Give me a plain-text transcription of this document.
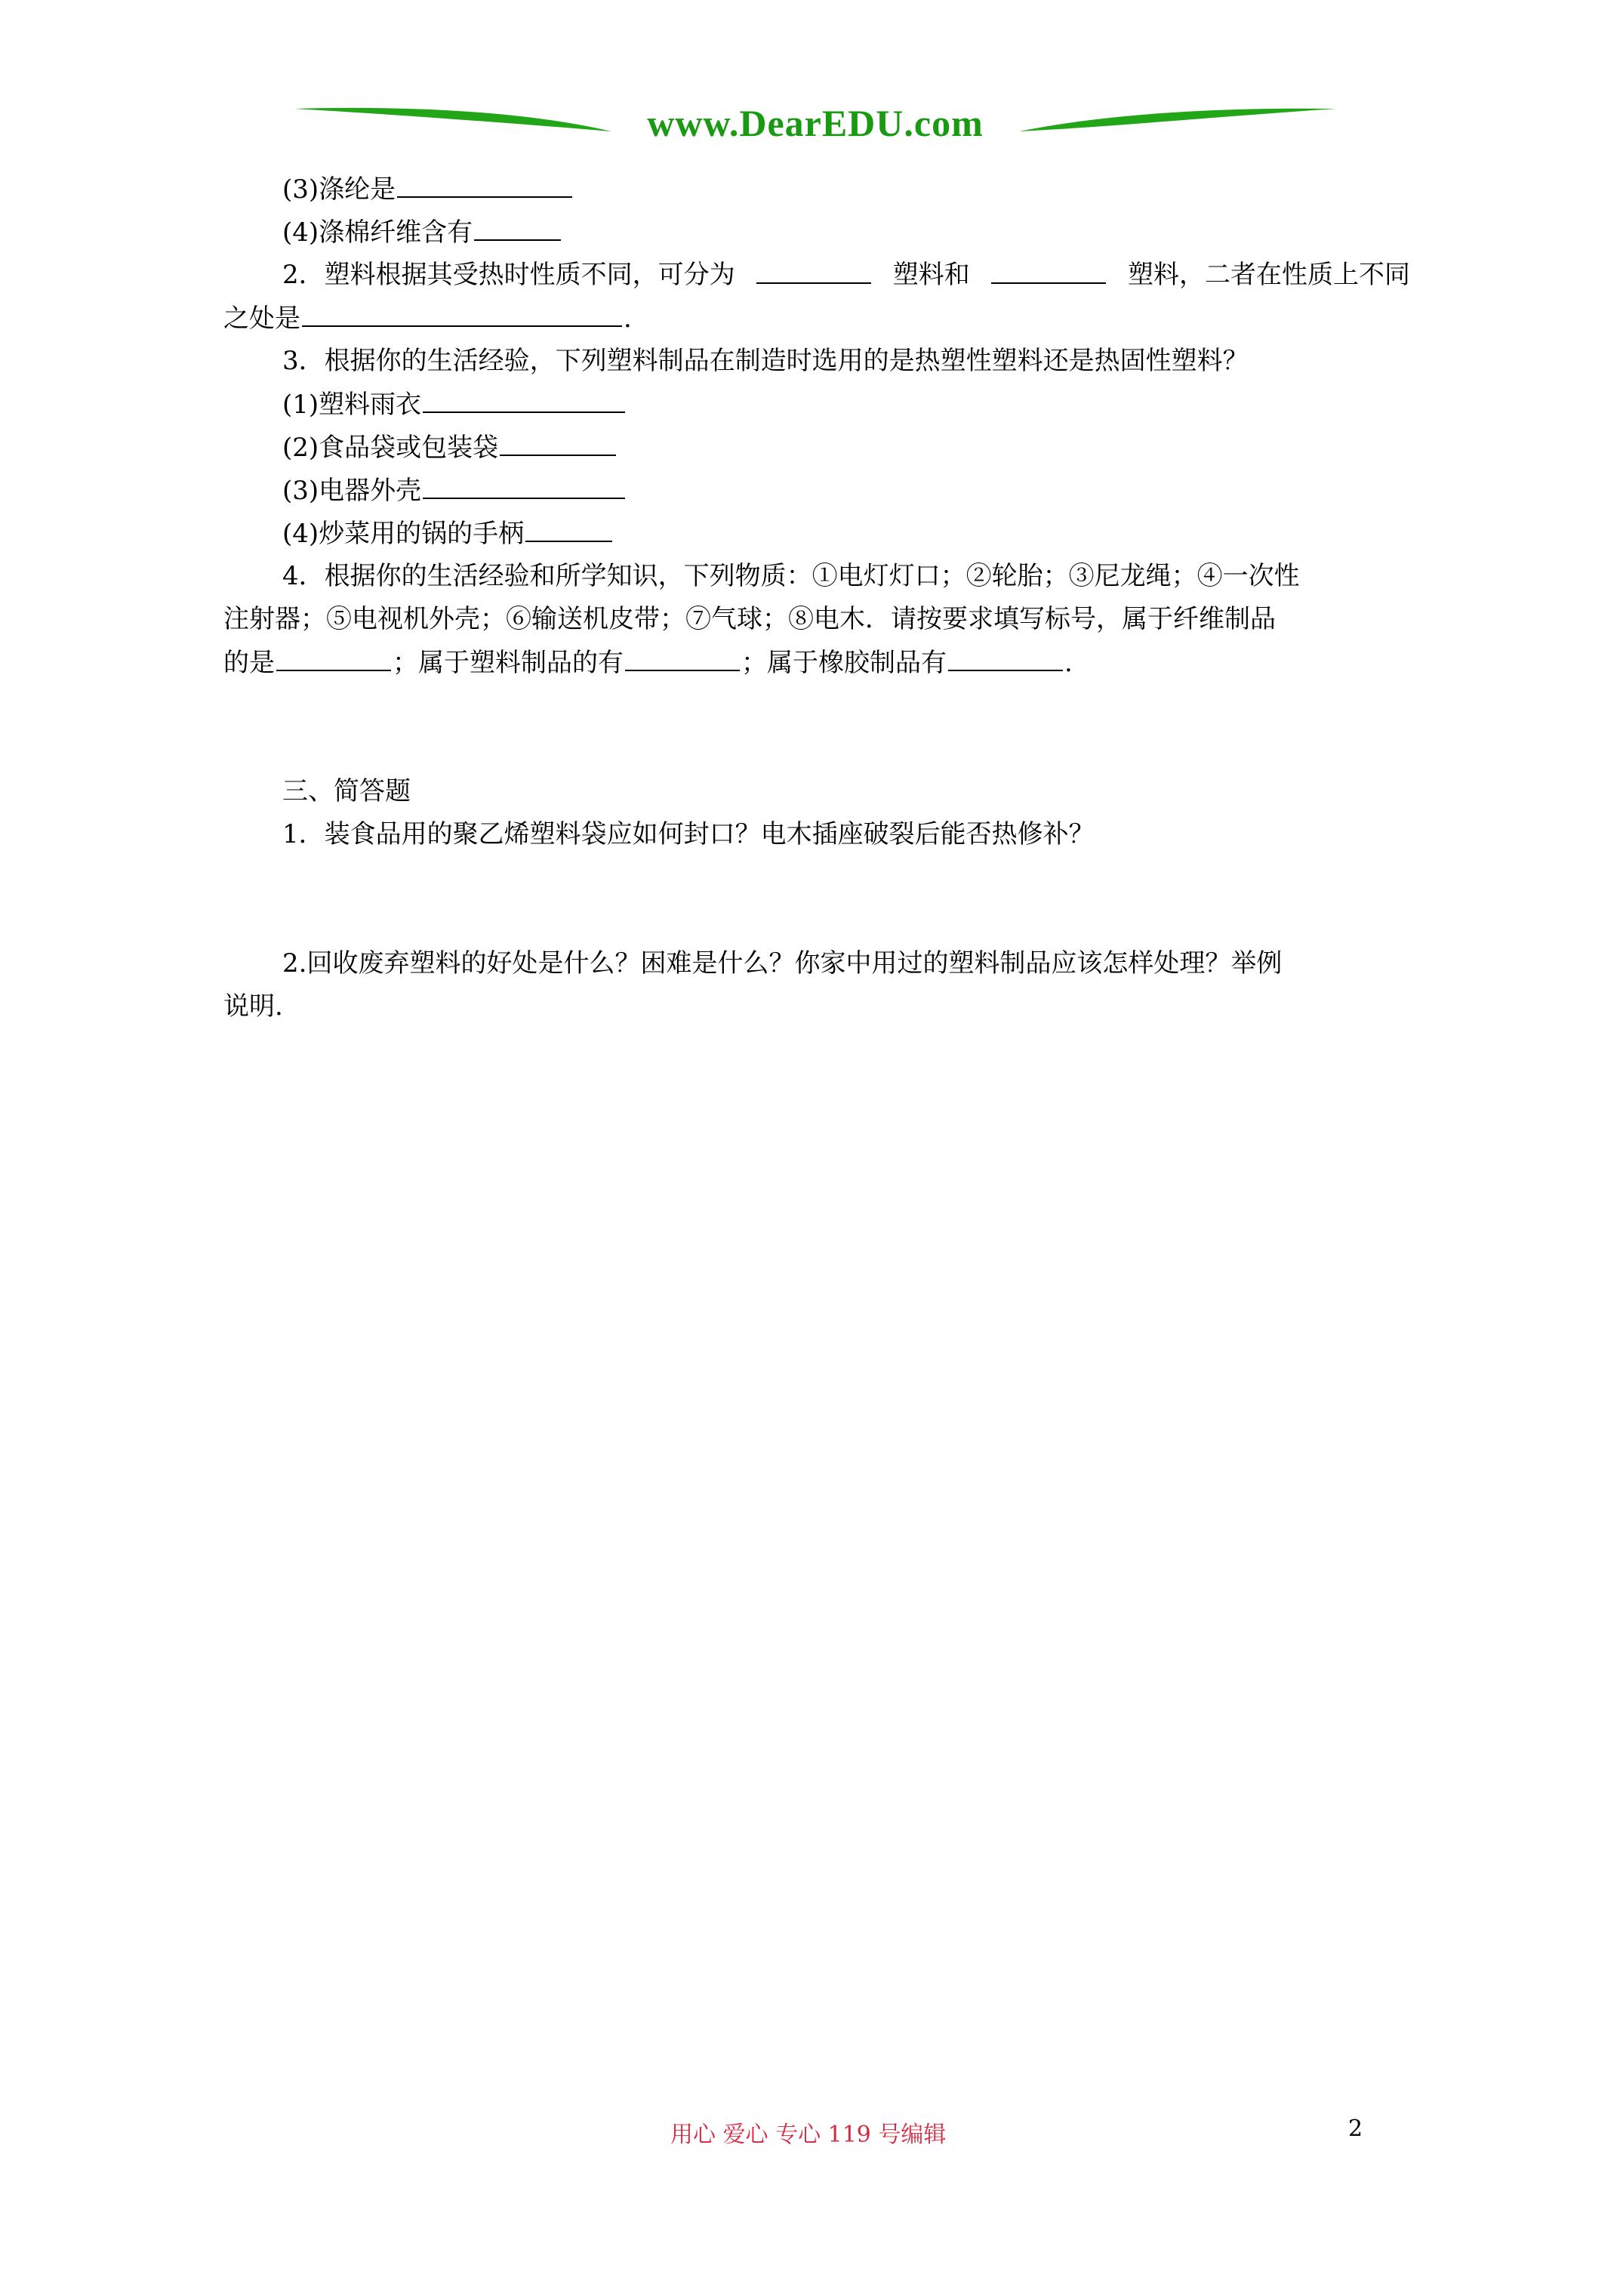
www.DearEDU.com
(3)涤纶是
(4)涤棉纤维含有
2．塑料根据其受热时性质不同，可分为	塑料和	塑料，二者在性质上不同
之处是	.
3．根据你的生活经验，下列塑料制品在制造时选用的是热塑性塑料还是热固性塑料？
(1)塑料雨衣
(2)食品袋或包装袋
(3)电器外壳
(4)炒菜用的锅的手柄
4．根据你的生活经验和所学知识，下列物质：①电灯灯口；②轮胎；③尼龙绳；④一次性
注射器；⑤电视机外壳；⑥输送机皮带；⑦气球；⑧电木．请按要求填写标号，属于纤维制品
的是	；属于塑料制品的有	；属于橡胶制品有	.
三、简答题
1．装食品用的聚乙烯塑料袋应如何封口？电木插座破裂后能否热修补？
2.回收废弃塑料的好处是什么？困难是什么？你家中用过的塑料制品应该怎样处理？举例
说明.
用心 爱心 专心 119 号编辑	2
